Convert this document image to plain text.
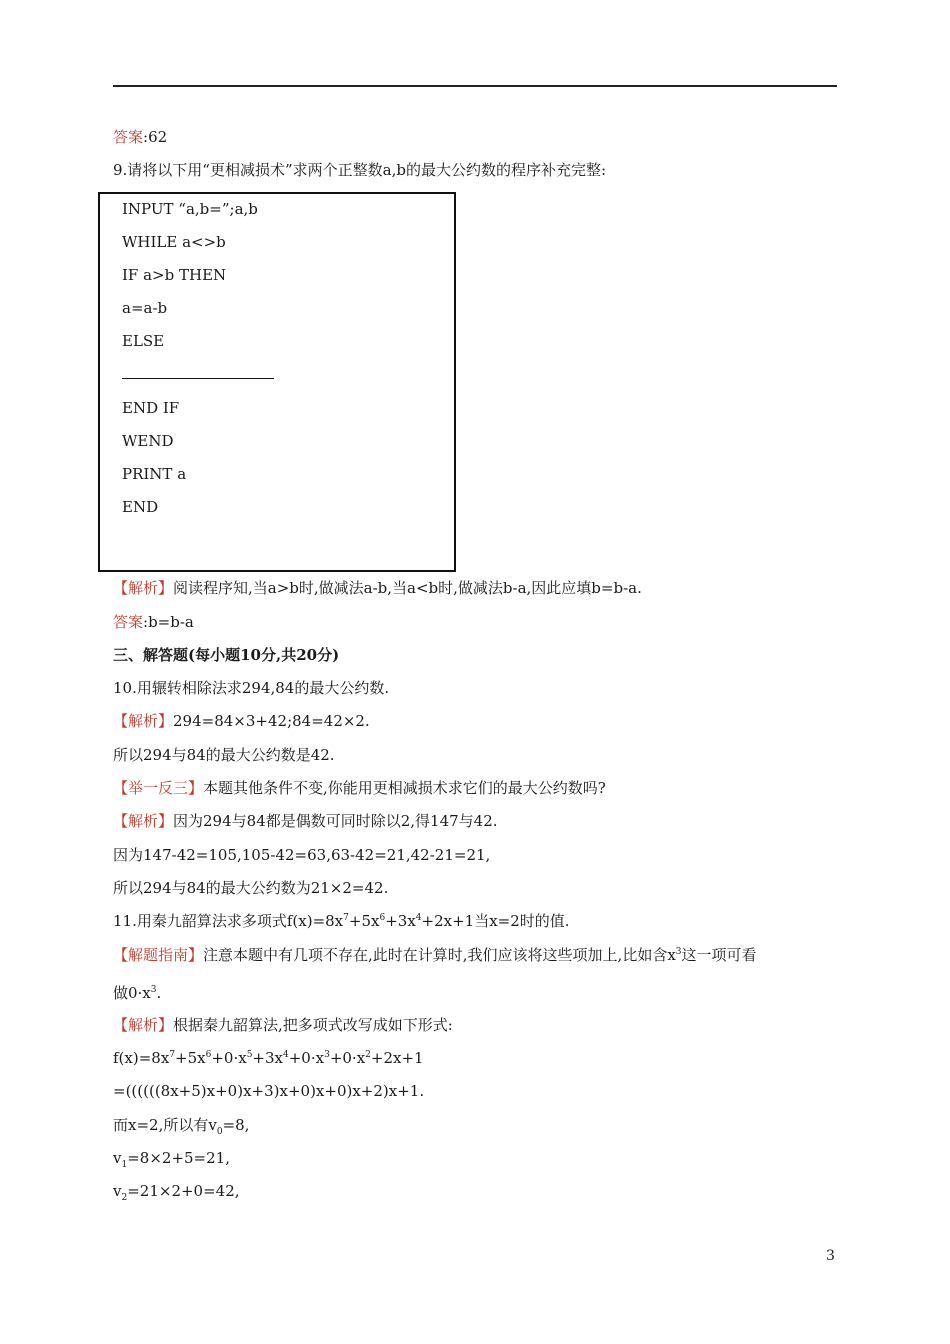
答案:62
9.请将以下用“更相减损术”求两个正整数a,b的最大公约数的程序补充完整:
INPUT “a,b=”;a,b
WHILE a<>b
IF a>b THEN
a=a-b
ELSE
END IF
WEND
PRINT a
END
【解析】阅读程序知,当a>b时,做减法a-b,当a<b时,做减法b-a,因此应填b=b-a.
答案:b=b-a
三、解答题(每小题10分,共20分)
10.用辗转相除法求294,84的最大公约数.
【解析】294=84×3+42;84=42×2.
所以294与84的最大公约数是42.
【举一反三】本题其他条件不变,你能用更相减损术求它们的最大公约数吗?
【解析】因为294与84都是偶数可同时除以2,得147与42.
因为147-42=105,105-42=63,63-42=21,42-21=21,
所以294与84的最大公约数为21×2=42.
11.用秦九韶算法求多项式$f(x)=8x^7+5x^6+3x^4+2x+1$当x=2时的值.
【解题指南】注意本题中有几项不存在,此时在计算时,我们应该将这些项加上,比如含$x^3$这一项可看
做$0\cdot x^3$.
【解析】根据秦九韶算法,把多项式改写成如下形式:
$f(x)=8x^7+5x^6+0\cdot x^5+3x^4+0\cdot x^3+0\cdot x^2+2x+1$
=((((((8x+5)x+0)x+3)x+0)x+0)x+2)x+1.
而x=2,所以有$v_0=8$,
$v_1=8\times 2+5=21$,
$v_2=21\times 2+0=42$,
3
